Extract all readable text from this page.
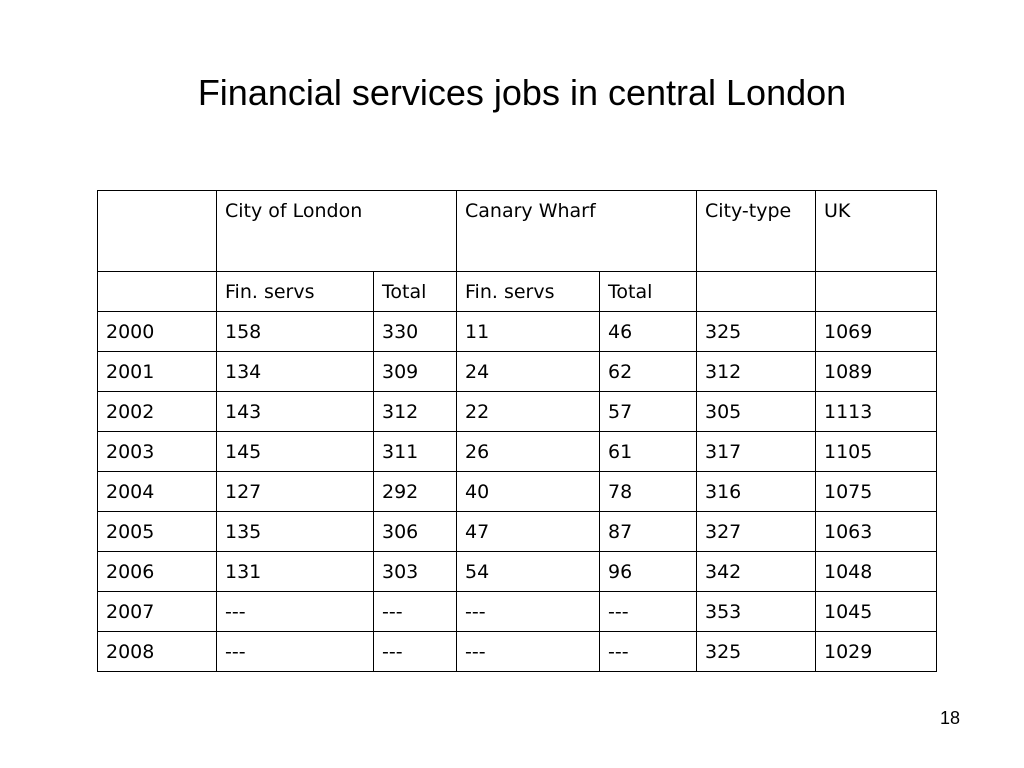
Financial services jobs in central London
	City of London		Canary Wharf		City-type	UK
	Fin. servs	Total	Fin. servs	Total		
2000	158	330	11	46	325	1069
2001	134	309	24	62	312	1089
2002	143	312	22	57	305	1113
2003	145	311	26	61	317	1105
2004	127	292	40	78	316	1075
2005	135	306	47	87	327	1063
2006	131	303	54	96	342	1048
2007	---	---	---	---	353	1045
2008	---	---	---	---	325	1029
18
